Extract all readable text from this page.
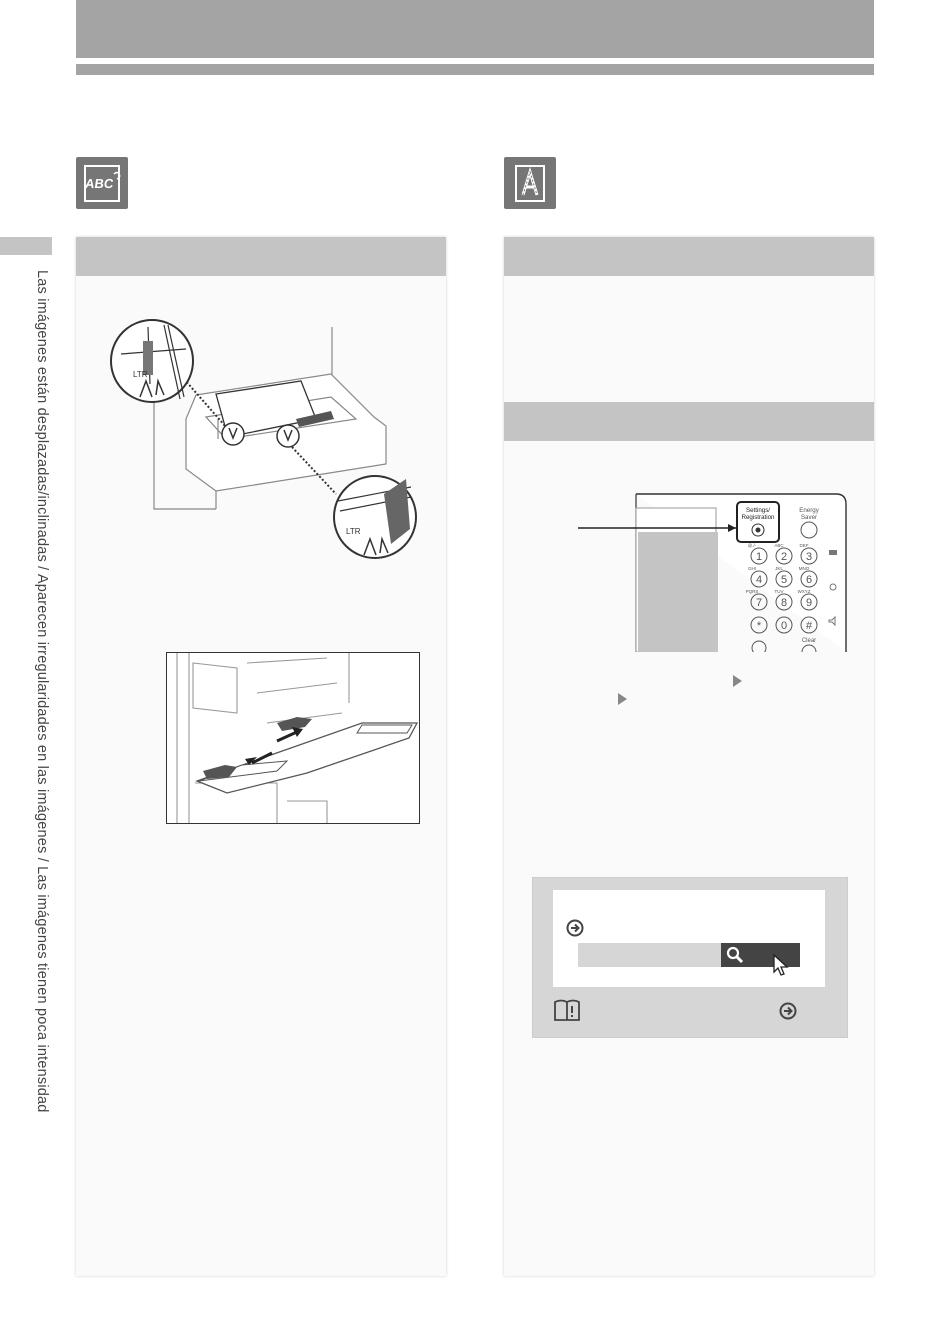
Las imágenes están desplazadas/inclinadas / Aparecen irregularidades en las imágenes / Las imágenes tienen poca intensidad
ABC
LTR
LTR
Settings/
Registration
Energy
Saver
1 2 3
4 5 6
7 8 9
* 0 #
@./-	ABC	DEF
GHI	JKL	MNO
PQRS	TUV	WXYZ
Clear
